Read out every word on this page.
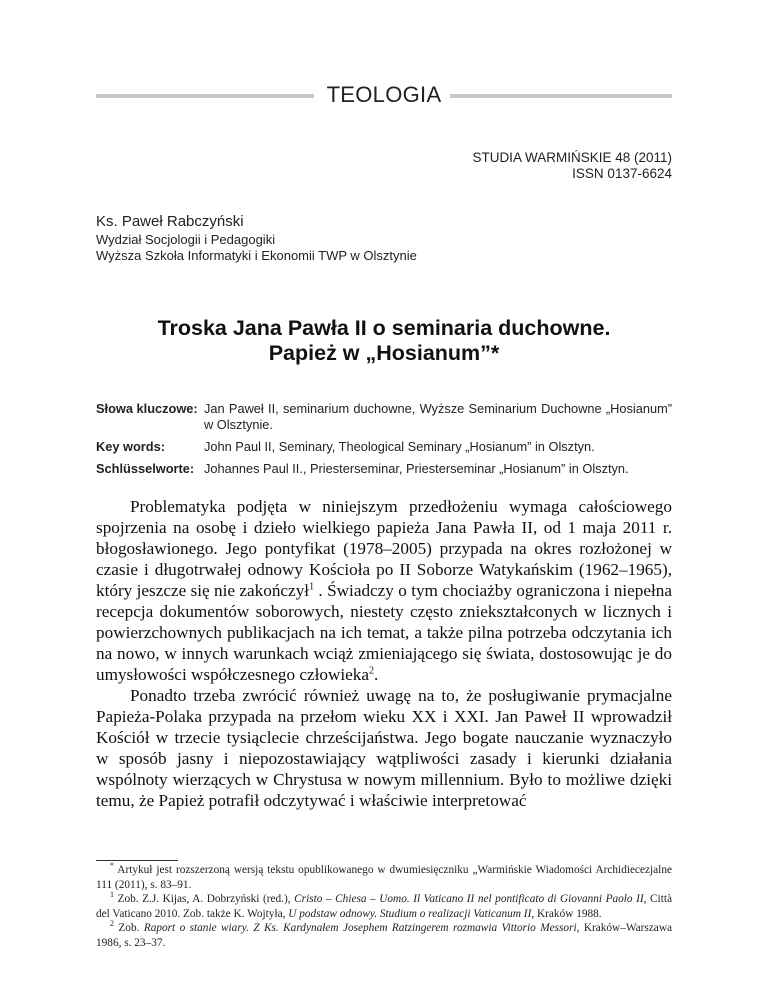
TEOLOGIA
STUDIA WARMIŃSKIE 48 (2011)
ISSN 0137-6624
Ks. Paweł Rabczyński
Wydział Socjologii i Pedagogiki
Wyższa Szkoła Informatyki i Ekonomii TWP w Olsztynie
Troska Jana Pawła II o seminaria duchowne.
Papież w „Hosianum”*
Słowa kluczowe: Jan Paweł II, seminarium duchowne, Wyższe Seminarium Duchowne „Hosianum” w Olsztynie.
Key words:	John Paul II, Seminary, Theological Seminary „Hosianum” in Olsztyn.
Schlüsselworte: Johannes Paul II., Priesterseminar, Priesterseminar „Hosianum” in Olsztyn.

Problematyka podjęta w niniejszym przedłożeniu wymaga całościowego spojrzenia na osobę i dzieło wielkiego papieża Jana Pawła II, od 1 maja 2011 r. błogosławionego. Jego pontyfikat (1978–2005) przypada na okres rozłożonej w czasie i długotrwałej odnowy Kościoła po II Soborze Watykańskim (1962–1965), który jeszcze się nie zakończył$^1$ . Świadczy o tym chociażby ograniczona i niepełna recepcja dokumentów soborowych, niestety często zniekształconych w licznych i powierzchownych publikacjach na ich temat, a także pilna potrzeba odczytania ich na nowo, w innych warunkach wciąż zmieniającego się świata, dostosowując je do umysłowości współczesnego człowieka$^2$.

Ponadto trzeba zwrócić również uwagę na to, że posługiwanie prymacjalne Papieża-Polaka przypada na przełom wieku XX i XXI. Jan Paweł II wprowadził Kościół w trzecie tysiąclecie chrześcijaństwa. Jego bogate nauczanie wyznaczyło w sposób jasny i niepozostawiający wątpliwości zasady i kierunki działania wspólnoty wierzących w Chrystusa w nowym millennium. Było to możliwe dzięki temu, że Papież potrafił odczytywać i właściwie interpretować

* Artykuł jest rozszerzoną wersją tekstu opublikowanego w dwumiesięczniku „Warmińskie Wiadomości Archidiecezjalne 111 (2011), s. 83–91.

$^1$ Zob. Z.J. Kijas, A. Dobrzyński (red.), Cristo – Chiesa – Uomo. Il Vaticano II nel pontificato di Giovanni Paolo II, Città del Vaticano 2010. Zob. także K. Wojtyła, U podstaw odnowy. Studium o realizacji Vaticanum II, Kraków 1988.

$^2$ Zob. Raport o stanie wiary. Z Ks. Kardynałem Josephem Ratzingerem rozmawia Vittorio Messori, Kraków–Warszawa 1986, s. 23–37.
